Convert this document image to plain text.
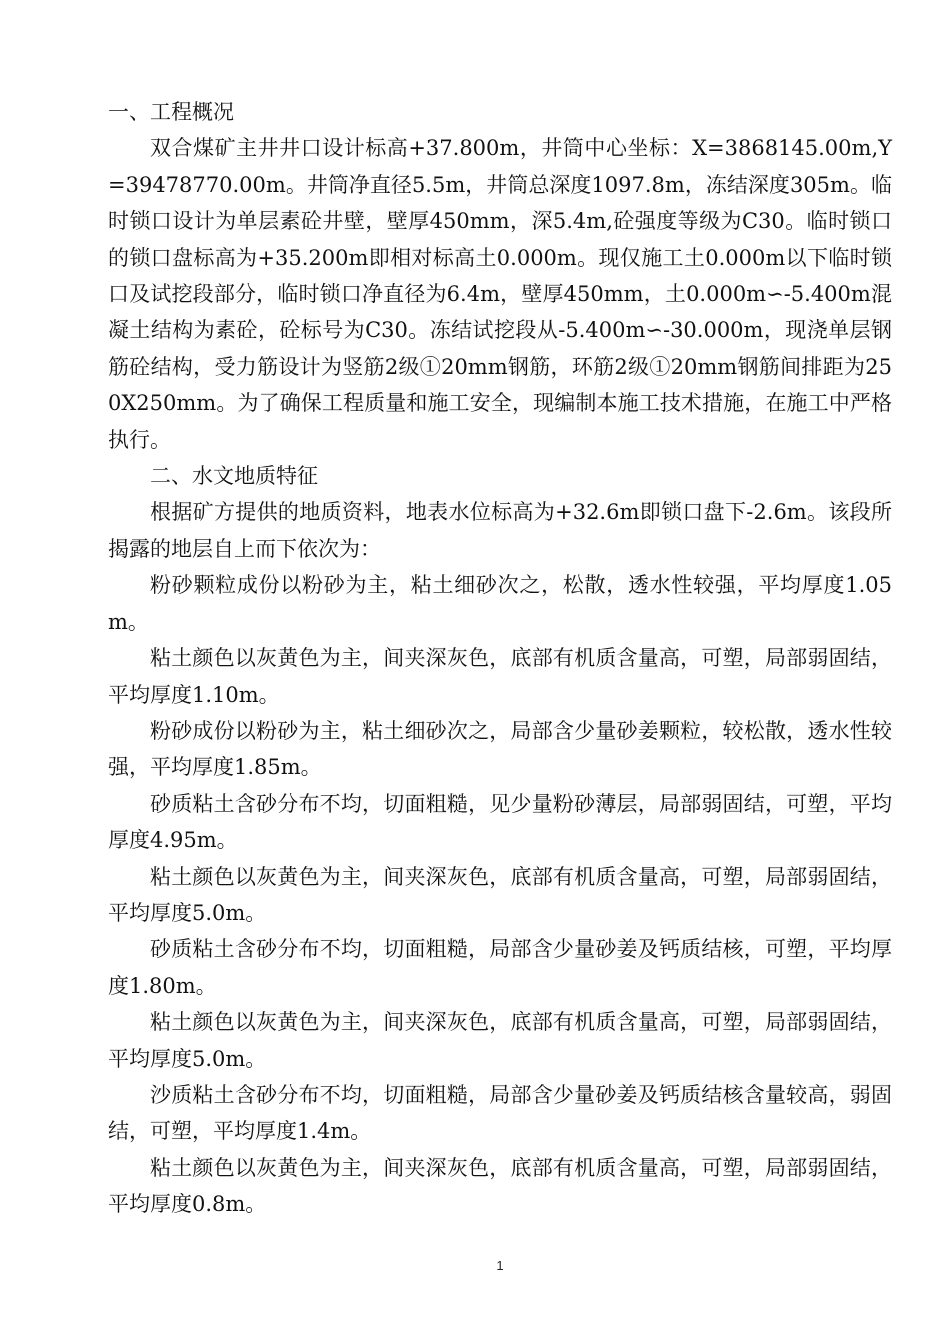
一、工程概况

双合煤矿主井井口设计标高+37.800m，井筒中心坐标：X=3868145.00m,Y=39478770.00m。井筒净直径5.5m，井筒总深度1097.8m，冻结深度305m。临时锁口设计为单层素砼井壁，壁厚450mm，深5.4m,砼强度等级为C30。临时锁口的锁口盘标高为+35.200m即相对标高土0.000m。现仅施工土0.000m以下临时锁口及试挖段部分，临时锁口净直径为6.4m，壁厚450mm，土0.000m∽-5.400m混凝土结构为素砼，砼标号为C30。冻结试挖段从-5.400m∽-30.000m，现浇单层钢筋砼结构，受力筋设计为竖筋2级①20mm钢筋，环筋2级①20mm钢筋间排距为250X250mm。为了确保工程质量和施工安全，现编制本施工技术措施，在施工中严格执行。

二、水文地质特征

根据矿方提供的地质资料，地表水位标高为+32.6m即锁口盘下-2.6m。该段所揭露的地层自上而下依次为：

粉砂颗粒成份以粉砂为主，粘土细砂次之，松散，透水性较强，平均厚度1.05m。

粘土颜色以灰黄色为主，间夹深灰色，底部有机质含量高，可塑，局部弱固结，平均厚度1.10m。

粉砂成份以粉砂为主，粘土细砂次之，局部含少量砂姜颗粒，较松散，透水性较强，平均厚度1.85m。

砂质粘土含砂分布不均，切面粗糙，见少量粉砂薄层，局部弱固结，可塑，平均厚度4.95m。

粘土颜色以灰黄色为主，间夹深灰色，底部有机质含量高，可塑，局部弱固结，平均厚度5.0m。

砂质粘土含砂分布不均，切面粗糙，局部含少量砂姜及钙质结核，可塑，平均厚度1.80m。

粘土颜色以灰黄色为主，间夹深灰色，底部有机质含量高，可塑，局部弱固结，平均厚度5.0m。

沙质粘土含砂分布不均，切面粗糙，局部含少量砂姜及钙质结核含量较高，弱固结，可塑，平均厚度1.4m。

粘土颜色以灰黄色为主，间夹深灰色，底部有机质含量高，可塑，局部弱固结，平均厚度0.8m。

1
